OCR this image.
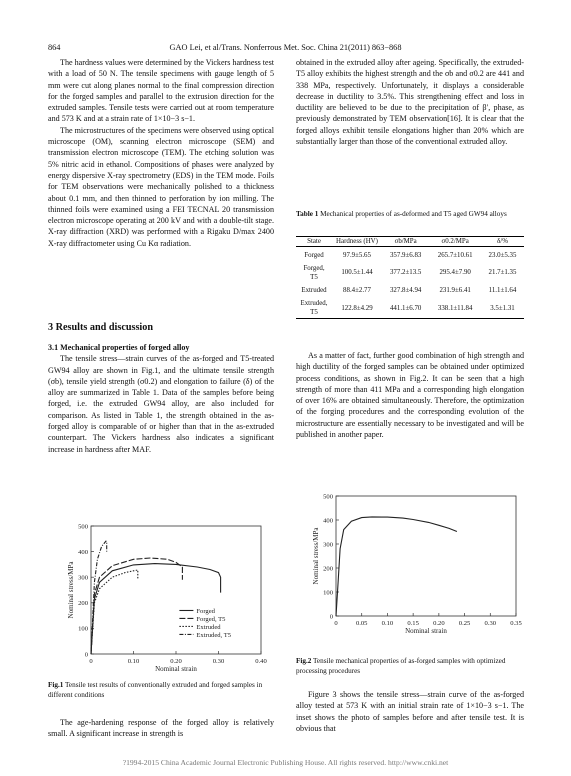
864	GAO Lei, et al/Trans. Nonferrous Met. Soc. China 21(2011) 863−868

The hardness values were determined by the Vickers hardness test with a load of 50 N. The tensile specimens with gauge length of 5 mm were cut along planes normal to the final compression direction for the forged samples and parallel to the extrusion direction for the extruded samples. Tensile tests were carried out at room temperature and 573 K and at a strain rate of 1×10−3 s−1.

The microstructures of the specimens were observed using optical microscope (OM), scanning electron microscope (SEM) and transmission electron microscope (TEM). The etching solution was 5% nitric acid in ethanol. Compositions of phases were analyzed by energy dispersive X-ray spectrometry (EDS) in the TEM mode. Foils for TEM observations were mechanically polished to a thickness about 0.1 mm, and then thinned to perforation by ion milling. The thinned foils were examined using a FEI TECNAL 20 transmission electron microscope operating at 200 kV and with a double-tilt stage. X-ray diffraction (XRD) was performed with a Rigaku D/max 2400 X-ray diffractometer using Cu Kα radiation.

3 Results and discussion
3.1 Mechanical properties of forged alloy

The tensile stress—strain curves of the as-forged and T5-treated GW94 alloy are shown in Fig.1, and the ultimate tensile strength (σb), tensile yield strength (σ0.2) and elongation to failure (δ) of the alloy are summarized in Table 1. Data of the samples before being forged, i.e. the extruded GW94 alloy, are also included for comparison. As listed in Table 1, the strength obtained in the as-forged alloy is comparable of or higher than that in the as-extruded counterpart. The Vickers hardness also indicates a significant increase in hardness after MAF.

0	0.10	0.20	0.30	0.40
0
100
200
300
400
500
Nominal strain
Nominal stress/MPa	Forged
Forged, T5
Extruded
Extruded, T5
Fig.1 Tensile test results of conventionally extruded and forged samples in different conditions

The age-hardening response of the forged alloy is relatively small. A significant increase in strength is

obtained in the extruded alloy after ageing. Specifically, the extruded-T5 alloy exhibits the highest strength and the σb and σ0.2 are 441 and 338 MPa, respectively. Unfortunately, it displays a considerable decrease in ductility to 3.5%. This strengthening effect and loss in ductility are believed to be due to the precipitation of β′, phase, as previously demonstrated by TEM observation[16]. It is clear that the forged alloys exhibit tensile elongations higher than 20% which are substantially larger than those of the conventional extruded alloy.

Table 1 Mechanical properties of as-deformed and T5 aged GW94 alloys
State	Hardness (HV)	σb/MPa	σ0.2/MPa	δ/%
Forged	97.9±5.65	357.9±6.83	265.7±10.61	23.0±5.35
Forged, T5	100.5±1.44	377.2±13.5	295.4±7.90	21.7±1.35
Extruded	88.4±2.77	327.8±4.94	231.9±6.41	11.1±1.64
Extruded, T5	122.8±4.29	441.1±6.70	338.1±11.84	3.5±1.31

As a matter of fact, further good combination of high strength and high ductility of the forged samples can be obtained under optimized process conditions, as shown in Fig.2. It can be seen that a high strength of more than 411 MPa and a corresponding high elongation of over 16% are obtained simultaneously. Therefore, the optimization of the forging procedures and the corresponding evolution of the microstructure are essentially necessary to be investigated and will be published in another paper.

0	0.05 0.10 0.15 0.20 0.25 0.30 0.35
0
100
200
300
400
500
Nominal strain
Nominal stress/MPa
Fig.2 Tensile mechanical properties of as-forged samples with optimized processing procedures

Figure 3 shows the tensile stress—strain curve of the as-forged alloy tested at 573 K with an initial strain rate of 1×10−3 s−1. The inset shows the photo of samples before and after tensile test. It is obvious that

?1994-2015 China Academic Journal Electronic Publishing House. All rights reserved. http://www.cnki.net
